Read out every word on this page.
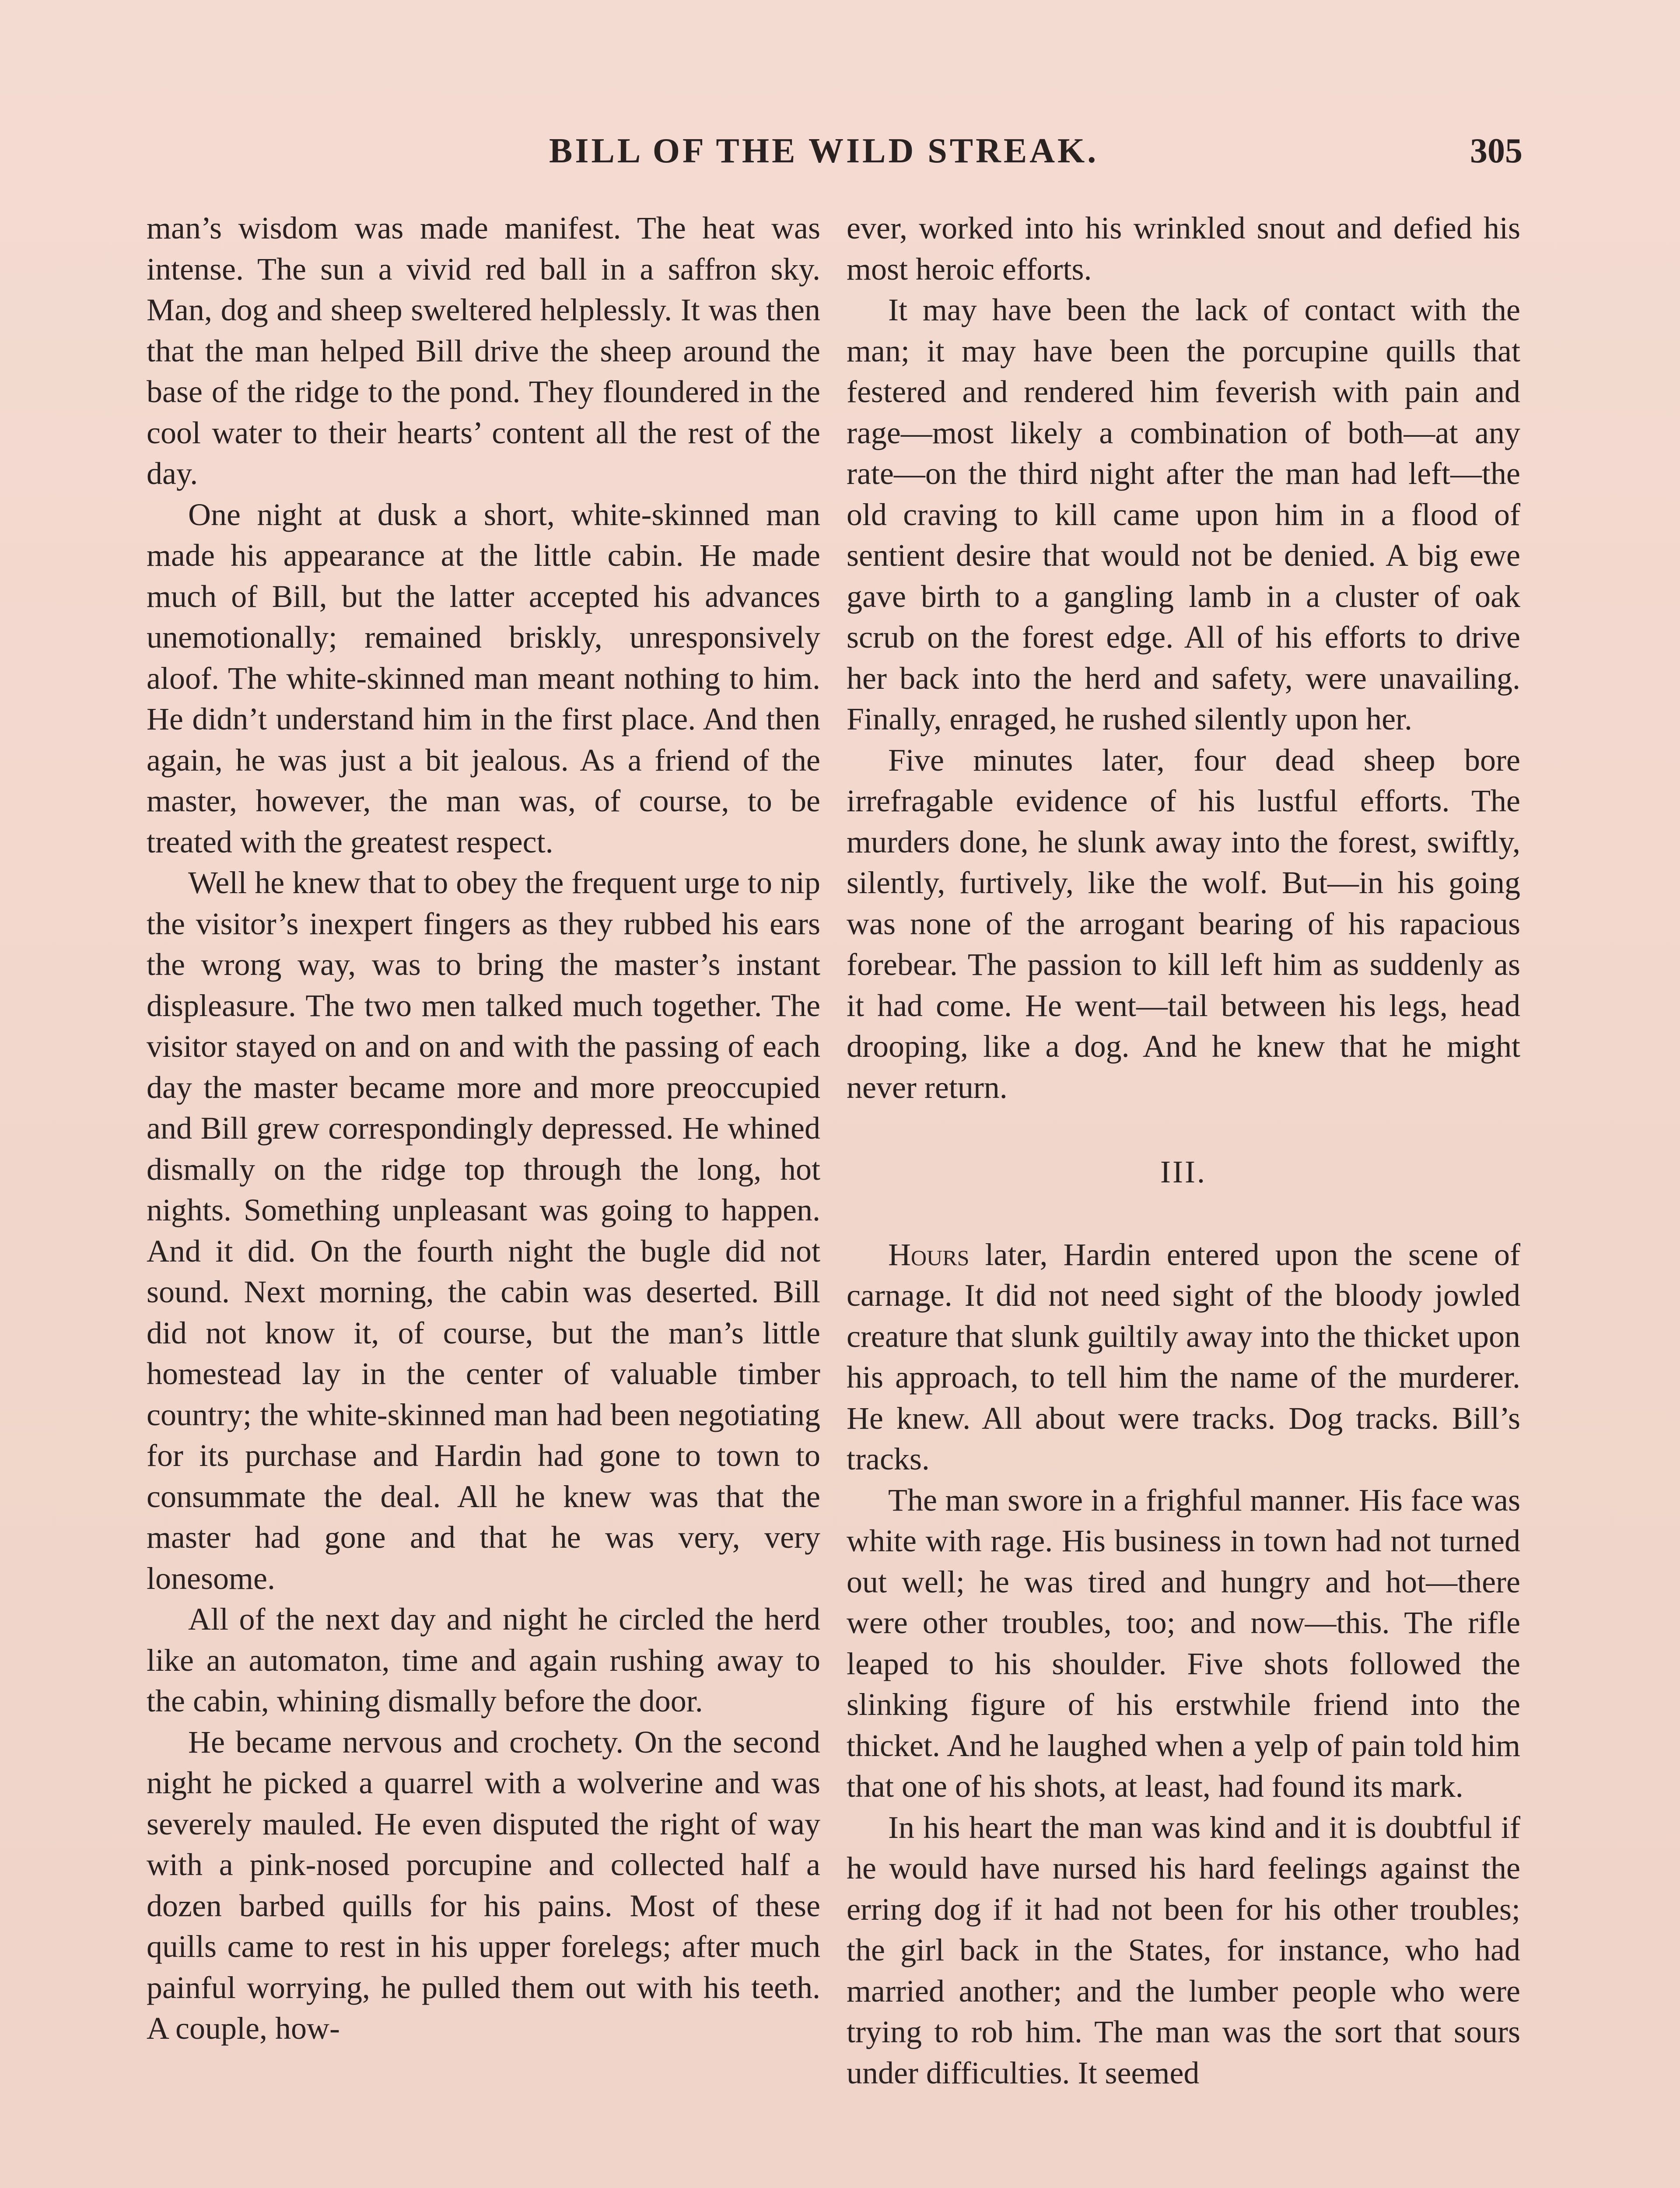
BILL OF THE WILD STREAK.	305

man’s wisdom was made manifest. The heat was intense. The sun a vivid red ball in a saffron sky. Man, dog and sheep sweltered helplessly. It was then that the man helped Bill drive the sheep around the base of the ridge to the pond. They floundered in the cool water to their hearts’ content all the rest of the day.

One night at dusk a short, white-skinned man made his appearance at the little cabin. He made much of Bill, but the latter accepted his advances unemotionally; remained briskly, unresponsively aloof. The white-skinned man meant nothing to him. He didn’t understand him in the first place. And then again, he was just a bit jealous. As a friend of the master, however, the man was, of course, to be treated with the greatest respect.

Well he knew that to obey the frequent urge to nip the visitor’s inexpert fingers as they rubbed his ears the wrong way, was to bring the master’s instant displeasure. The two men talked much together. The visitor stayed on and on and with the passing of each day the master became more and more preoccupied and Bill grew correspondingly depressed. He whined dismally on the ridge top through the long, hot nights. Something unpleasant was going to happen. And it did. On the fourth night the bugle did not sound. Next morning, the cabin was deserted. Bill did not know it, of course, but the man’s little homestead lay in the center of valuable timber country; the white-skinned man had been negotiating for its purchase and Hardin had gone to town to consummate the deal. All he knew was that the master had gone and that he was very, very lonesome.

All of the next day and night he circled the herd like an automaton, time and again rushing away to the cabin, whining dismally before the door.

He became nervous and crochety. On the second night he picked a quarrel with a wolverine and was severely mauled. He even disputed the right of way with a pink-nosed porcupine and collected half a dozen barbed quills for his pains. Most of these quills came to rest in his upper forelegs; after much painful worrying, he pulled them out with his teeth. A couple, how-

ever, worked into his wrinkled snout and defied his most heroic efforts.

It may have been the lack of contact with the man; it may have been the porcupine quills that festered and rendered him feverish with pain and rage—most likely a combination of both—at any rate—on the third night after the man had left—the old craving to kill came upon him in a flood of sentient desire that would not be denied. A big ewe gave birth to a gangling lamb in a cluster of oak scrub on the forest edge. All of his efforts to drive her back into the herd and safety, were unavailing. Finally, enraged, he rushed silently upon her.

Five minutes later, four dead sheep bore irrefragable evidence of his lustful efforts. The murders done, he slunk away into the forest, swiftly, silently, furtively, like the wolf. But—in his going was none of the arrogant bearing of his rapacious forebear. The passion to kill left him as suddenly as it had come. He went—tail between his legs, head drooping, like a dog. And he knew that he might never return.

III.

Hours later, Hardin entered upon the scene of carnage. It did not need sight of the bloody jowled creature that slunk guiltily away into the thicket upon his approach, to tell him the name of the murderer. He knew. All about were tracks. Dog tracks. Bill’s tracks.

The man swore in a frighful manner. His face was white with rage. His business in town had not turned out well; he was tired and hungry and hot—there were other troubles, too; and now—this. The rifle leaped to his shoulder. Five shots followed the slinking figure of his erstwhile friend into the thicket. And he laughed when a yelp of pain told him that one of his shots, at least, had found its mark.

In his heart the man was kind and it is doubtful if he would have nursed his hard feelings against the erring dog if it had not been for his other troubles; the girl back in the States, for instance, who had married another; and the lumber people who were trying to rob him. The man was the sort that sours under difficulties. It seemed
